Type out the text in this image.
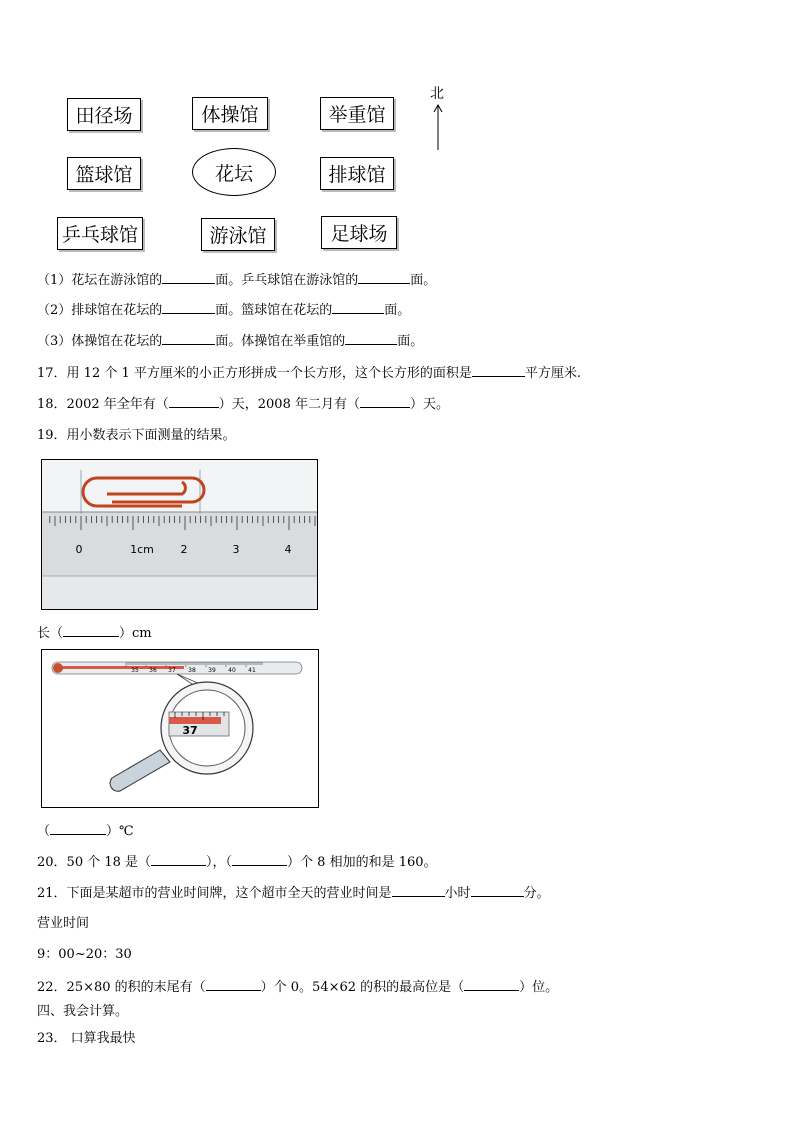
田径场	体操馆	举重馆
篮球馆	花坛	排球馆
乒乓球馆	游泳馆	足球场
北
（1）花坛在游泳馆的	面。乒乓球馆在游泳馆的	面。
（2）排球馆在花坛的	面。篮球馆在花坛的	面。
（3）体操馆在花坛的	面。体操馆在举重馆的	面。
17．用 12 个 1 平方厘米的小正方形拼成一个长方形，这个长方形的面积是	平方厘米.
18．2002 年全年有（	）天，2008 年二月有（	）天。
19．用小数表示下面测量的结果。
0	1cm 2	3	4
长（	）cm
35 36 37 38 39 40 41
37
（	）℃
20．50 个 18 是（	），（	）个 8 相加的和是 160。
21．下面是某超市的营业时间牌，这个超市全天的营业时间是	小时	分。
营业时间
9：00~20：30
22．25×80 的积的末尾有（	）个 0。54×62 的积的最高位是（	）位。
四、我会计算。
23． 口算我最快
